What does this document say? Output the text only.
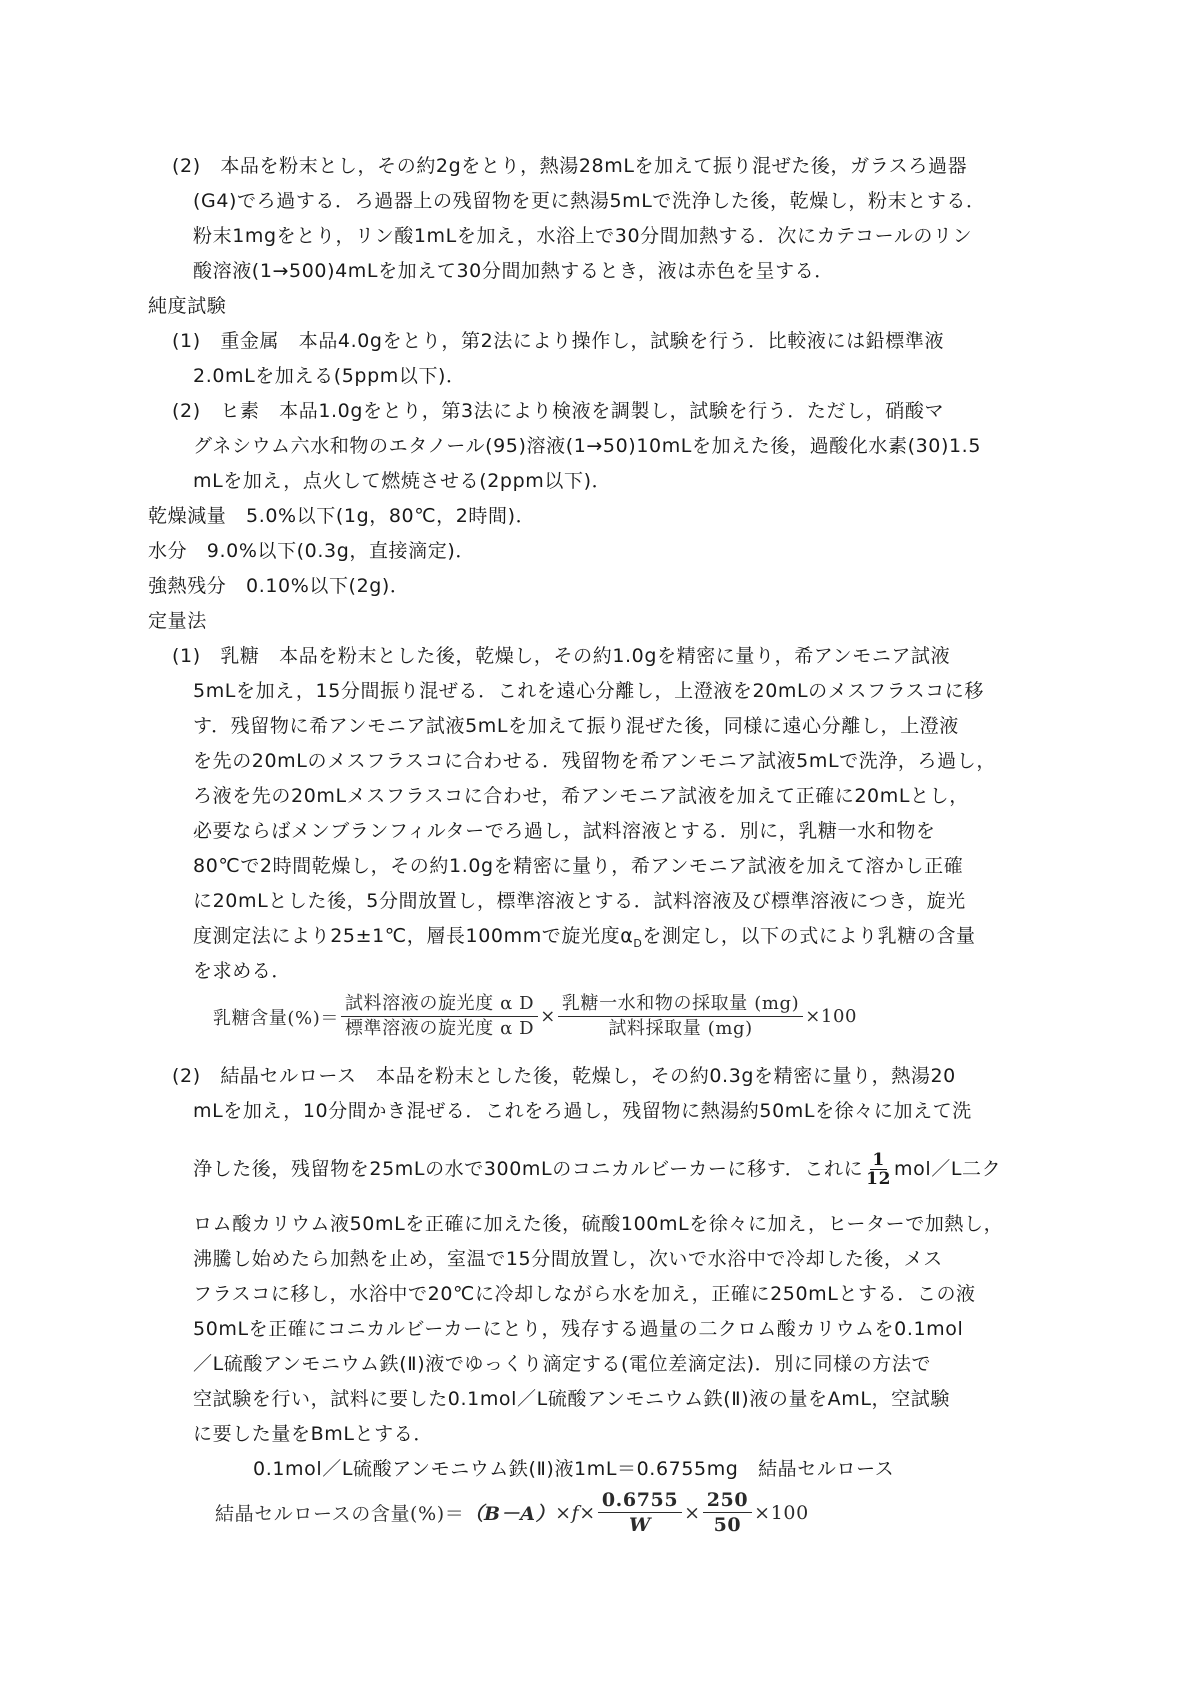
(2)　本品を粉末とし，その約2gをとり，熱湯28mLを加えて振り混ぜた後，ガラスろ過器
(G4)でろ過する．ろ過器上の残留物を更に熱湯5mLで洗浄した後，乾燥し，粉末とする．
粉末1mgをとり，リン酸1mLを加え，水浴上で30分間加熱する．次にカテコールのリン
酸溶液(1→500)4mLを加えて30分間加熱するとき，液は赤色を呈する．
純度試験
(1)　重金属　本品4.0gをとり，第2法により操作し，試験を行う．比較液には鉛標準液
2.0mLを加える(5ppm以下)．
(2)　ヒ素　本品1.0gをとり，第3法により検液を調製し，試験を行う．ただし，硝酸マ
グネシウム六水和物のエタノール(95)溶液(1→50)10mLを加えた後，過酸化水素(30)1.5
mLを加え，点火して燃焼させる(2ppm以下)．
乾燥減量　5.0%以下(1g，80℃，2時間)．
水分　9.0%以下(0.3g，直接滴定)．
強熱残分　0.10%以下(2g)．
定量法
(1)　乳糖　本品を粉末とした後，乾燥し，その約1.0gを精密に量り，希アンモニア試液
5mLを加え，15分間振り混ぜる．これを遠心分離し，上澄液を20mLのメスフラスコに移
す．残留物に希アンモニア試液5mLを加えて振り混ぜた後，同様に遠心分離し，上澄液
を先の20mLのメスフラスコに合わせる．残留物を希アンモニア試液5mLで洗浄，ろ過し，
ろ液を先の20mLメスフラスコに合わせ，希アンモニア試液を加えて正確に20mLとし，
必要ならばメンブランフィルターでろ過し，試料溶液とする．別に，乳糖一水和物を
80℃で2時間乾燥し，その約1.0gを精密に量り，希アンモニア試液を加えて溶かし正確
に20mLとした後，5分間放置し，標準溶液とする．試料溶液及び標準溶液につき，旋光
度測定法により25±1℃，層長100mmで旋光度$\alpha_D$を測定し，以下の式により乳糖の含量
を求める．
乳糖含量(%)＝ $\frac{\text{試料溶液の旋光度 α D}}{\text{標準溶液の旋光度 α D}} \times \frac{\text{乳糖一水和物の採取量 (mg)}}{\text{試料採取量 (mg)}} \times 100$
(2)　結晶セルロース　本品を粉末とした後，乾燥し，その約0.3gを精密に量り，熱湯20
mLを加え，10分間かき混ぜる．これをろ過し，残留物に熱湯約50mLを徐々に加えて洗
浄した後，残留物を25mLの水で300mLのコニカルビーカーに移す．これに $\frac{1}{12}$ mol／L二ク
ロム酸カリウム液50mLを正確に加えた後，硫酸100mLを徐々に加え，ヒーターで加熱し，
沸騰し始めたら加熱を止め，室温で15分間放置し，次いで水浴中で冷却した後，メス
フラスコに移し，水浴中で20℃に冷却しながら水を加え，正確に250mLとする．この液
50mLを正確にコニカルビーカーにとり，残存する過量の二クロム酸カリウムを0.1mol
／L硫酸アンモニウム鉄(Ⅱ)液でゆっくり滴定する(電位差滴定法)．別に同様の方法で
空試験を行い，試料に要した0.1mol／L硫酸アンモニウム鉄(Ⅱ)液の量をAmL，空試験
に要した量をBmLとする．
0.1mol／L硫酸アンモニウム鉄(Ⅱ)液1mL＝0.6755mg　結晶セルロース
結晶セルロースの含量(%)＝ $(B-A) \times f\times \frac{0.6755}{W} \times \frac{250}{50} \times 100$
